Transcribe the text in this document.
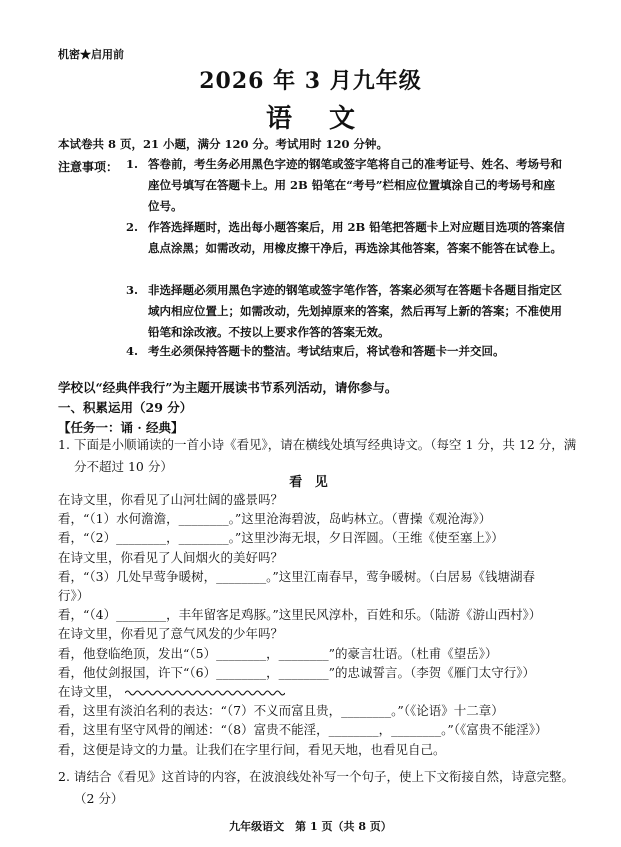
机密★启用前
2026 年 3 月九年级
语 文
本试卷共 8 页，21 小题，满分 120 分。考试用时 120 分钟。
注意事项： 1. 答卷前，考生务必用黑色字迹的钢笔或签字笔将自己的准考证号、姓名、考场号和座位号填写在答题卡上。用 2B 铅笔在“考号”栏相应位置填涂自己的考场号和座位号。
2. 作答选择题时，选出每小题答案后，用 2B 铅笔把答题卡上对应题目选项的答案信息点涂黑；如需改动，用橡皮擦干净后，再选涂其他答案，答案不能答在试卷上。
3. 非选择题必须用黑色字迹的钢笔或签字笔作答，答案必须写在答题卡各题目指定区域内相应位置上；如需改动，先划掉原来的答案，然后再写上新的答案；不准使用铅笔和涂改液。不按以上要求作答的答案无效。
4. 考生必须保持答题卡的整洁。考试结束后，将试卷和答题卡一并交回。
学校以“经典伴我行”为主题开展读书节系列活动，请你参与。
一、积累运用（29 分）
【任务一：诵 · 经典】
1. 下面是小顺诵读的一首小诗《看见》，请在横线处填写经典诗文。（每空 1 分，共 12 分，满分不超过 10 分）
看 见
在诗文里，你看见了山河壮阔的盛景吗？
看，“（1）水何澹澹，________。”这里沧海碧波，岛屿林立。（曹操《观沧海》）
看，“（2）________，________。”这里沙海无垠，夕日浑圆。（王维《使至塞上》）
在诗文里，你看见了人间烟火的美好吗？
看，“（3）几处早莺争暖树，________。”这里江南春早，莺争暖树。（白居易《钱塘湖春
行》）
看，“（4）________，丰年留客足鸡豚。”这里民风淳朴，百姓和乐。（陆游《游山西村》）
在诗文里，你看见了意气风发的少年吗？
看，他登临绝顶，发出“（5）________，________”的豪言壮语。（杜甫《望岳》）
看，他仗剑报国，许下“（6）________，________”的忠诚誓言。（李贺《雁门太守行》）
在诗文里，
看，这里有淡泊名利的表达：“（7）不义而富且贵，________。”（《论语》十二章）
看，这里有坚守风骨的阐述：“（8）富贵不能淫，________，________。”（《富贵不能淫》）
看，这便是诗文的力量。让我们在字里行间，看见天地，也看见自己。
2. 请结合《看见》这首诗的内容，在波浪线处补写一个句子，使上下文衔接自然，诗意完整。（2 分）
九年级语文　第 1 页（共 8 页）
